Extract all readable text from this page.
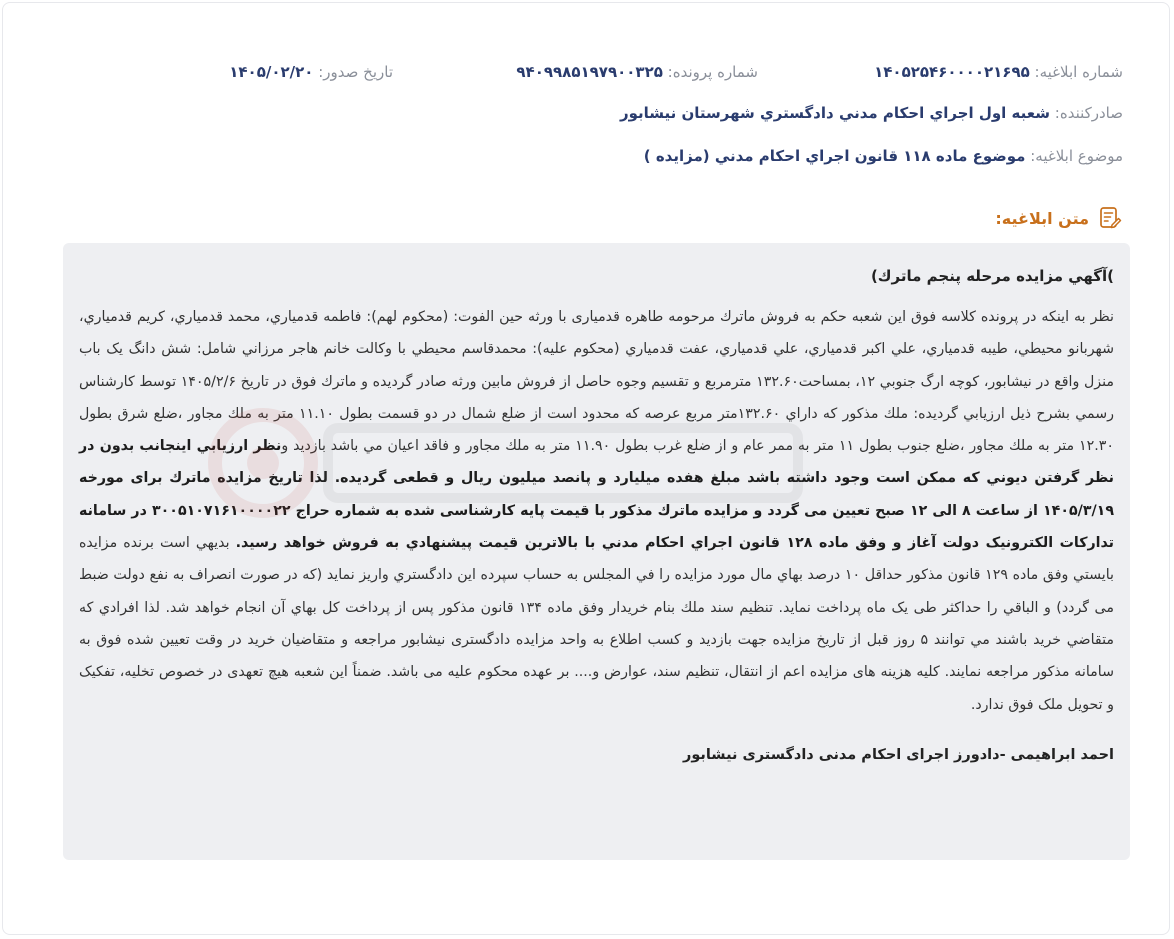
شماره ابلاغيه: ۱۴۰۵۲۵۴۶۰۰۰۰۲۱۶۹۵
شماره پرونده: ۹۴۰۹۹۸۵۱۹۷۹۰۰۳۲۵
تاريخ صدور: ۱۴۰۵/۰۲/۲۰
صادرکننده: شعبه اول اجراي احكام مدني دادگستري شهرستان نيشابور
موضوع ابلاغيه: موضوع ماده ۱۱۸ قانون اجراي احكام مدني (مزايده )
متن ابلاغيه:
)آگهي مزايده مرحله پنجم ماترك)

نظر به اينكه در پرونده كلاسه فوق اين شعبه حكم به فروش ماترك مرحومه طاهره قدميارى با ورثه حين الفوت: (محكوم لهم): فاطمه قدمياري، محمد قدمياري، كريم قدمياري، شهربانو محيطي، طيبه قدمياري، علي اكبر قدمياري، علي قدمياري، عفت قدمياري (محكوم عليه): محمدقاسم محيطي با وكالت خانم هاجر مرزاني شامل: شش دانگ يک باب منزل واقع در نيشابور، كوچه ارگ جنوبي ۱۲، بمساحت۱۳۲.۶۰ مترمربع و تقسيم وجوه حاصل از فروش مابين ورثه صادر گرديده و ماترك فوق در تاريخ ۱۴۰۵/۲/۶ توسط كارشناس رسمي بشرح ذيل ارزيابي گرديده: ملك مذكور كه داراي ۱۳۲.۶۰متر مربع عرصه كه محدود است از ضلع شمال در دو قسمت بطول ۱۱.۱۰ متر به ملك مجاور ،ضلع شرق بطول ۱۲.۳۰ متر به ملك مجاور ،ضلع جنوب بطول ۱۱ متر به ممر عام و از ضلع غرب بطول ۱۱.۹۰ متر به ملك مجاور و فاقد اعيان مي باشد بازديد ونظر ارزيابي اينجانب بدون در نظر گرفتن ديوني كه ممكن است وجود داشته باشد مبلغ هفده ميليارد و پانصد ميليون ريال و قطعى گرديده. لذا تاريخ مزايده ماترك براى مورخه ۱۴۰۵/۳/۱۹ از ساعت ۸ الى ۱۲ صبح تعيين مى گردد و مزايده ماترك مذكور با قيمت پايه كارشناسى شده به شماره حراج ۳۰۰۵۱۰۷۱۶۱۰۰۰۰۲۲ در سامانه تداركات الكترونيک دولت آغاز و وفق ماده ۱۲۸ قانون اجراي احكام مدني با بالاترين قيمت پيشنهادي به فروش خواهد رسيد. بديهي است برنده مزايده بايستي وفق ماده ۱۲۹ قانون مذكور حداقل ۱۰ درصد بهاي مال مورد مزايده را في المجلس به حساب سپرده اين دادگستري واريز نمايد (كه در صورت انصراف به نفع دولت ضبط مى گردد) و الباقي را حداكثر طى يک ماه پرداخت نمايد. تنظيم سند ملك بنام خريدار وفق ماده ۱۳۴ قانون مذكور پس از پرداخت كل بهاي آن انجام خواهد شد. لذا افرادي كه متقاضي خريد باشند مي توانند ۵ روز قبل از تاريخ مزايده جهت بازديد و كسب اطلاع به واحد مزايده دادگسترى نيشابور مراجعه و متقاضيان خريد در وقت تعيين شده فوق به سامانه مذكور مراجعه نمايند. كليه هزينه هاى مزايده اعم از انتقال، تنظيم سند، عوارض و.... بر عهده محكوم عليه مى باشد. ضمناً اين شعبه هيچ تعهدى در خصوص تخليه، تفكيک و تحويل ملک فوق ندارد.

احمد ابراهيمى -دادورز اجراى احكام مدنى دادگسترى نيشابور
